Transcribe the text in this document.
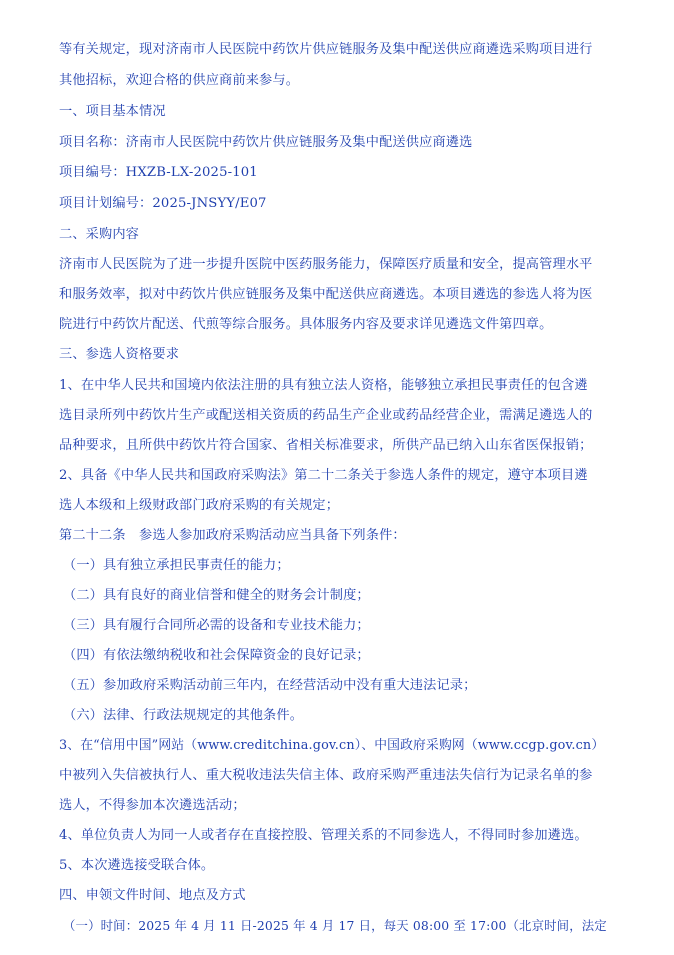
等有关规定，现对济南市人民医院中药饮片供应链服务及集中配送供应商遴选采购项目进行
其他招标，欢迎合格的供应商前来参与。
一、项目基本情况
项目名称：济南市人民医院中药饮片供应链服务及集中配送供应商遴选
项目编号：HXZB-LX-2025-101
项目计划编号：2025-JNSYY/E07
二、采购内容
济南市人民医院为了进一步提升医院中医药服务能力，保障医疗质量和安全，提高管理水平
和服务效率，拟对中药饮片供应链服务及集中配送供应商遴选。本项目遴选的参选人将为医
院进行中药饮片配送、代煎等综合服务。具体服务内容及要求详见遴选文件第四章。
三、参选人资格要求
1、在中华人民共和国境内依法注册的具有独立法人资格，能够独立承担民事责任的包含遴
选目录所列中药饮片生产或配送相关资质的药品生产企业或药品经营企业，需满足遴选人的
品种要求，且所供中药饮片符合国家、省相关标准要求，所供产品已纳入山东省医保报销；
2、具备《中华人民共和国政府采购法》第二十二条关于参选人条件的规定，遵守本项目遴
选人本级和上级财政部门政府采购的有关规定；
第二十二条　参选人参加政府采购活动应当具备下列条件：
（一）具有独立承担民事责任的能力；
（二）具有良好的商业信誉和健全的财务会计制度；
（三）具有履行合同所必需的设备和专业技术能力；
（四）有依法缴纳税收和社会保障资金的良好记录；
（五）参加政府采购活动前三年内，在经营活动中没有重大违法记录；
（六）法律、行政法规规定的其他条件。
3、在“信用中国”网站（www.creditchina.gov.cn）、中国政府采购网（www.ccgp.gov.cn）
中被列入失信被执行人、重大税收违法失信主体、政府采购严重违法失信行为记录名单的参
选人，不得参加本次遴选活动；
4、单位负责人为同一人或者存在直接控股、管理关系的不同参选人，不得同时参加遴选。
5、本次遴选接受联合体。
四、申领文件时间、地点及方式
（一）时间：2025 年 4 月 11 日-2025 年 4 月 17 日，每天 08:00 至 17:00（北京时间，法定
